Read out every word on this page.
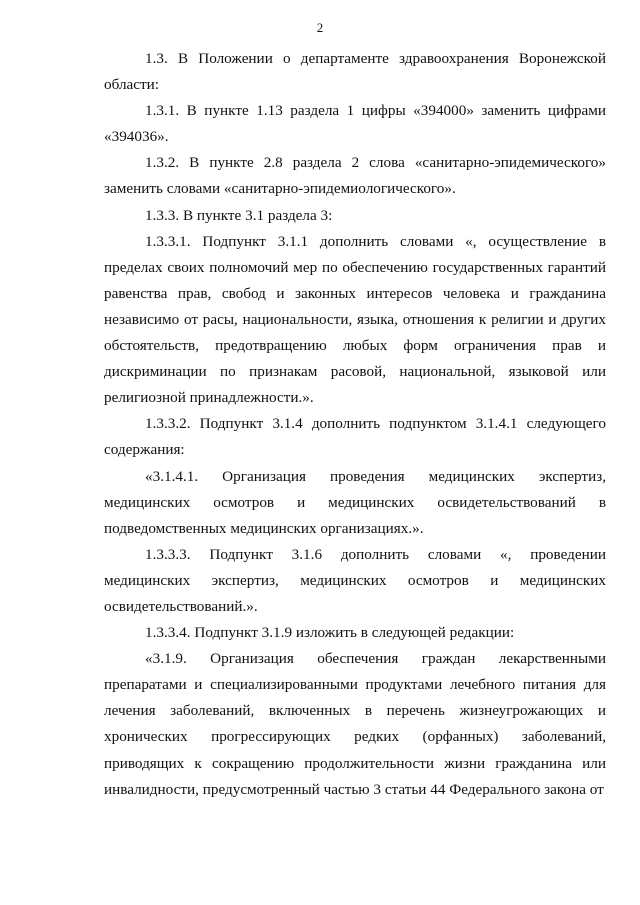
2

1.3. В Положении о департаменте здравоохранения Воронежской области:

1.3.1. В пункте 1.13 раздела 1 цифры «394000» заменить цифрами «394036».

1.3.2. В пункте 2.8 раздела 2 слова «санитарно-эпидемического» заменить словами «санитарно-эпидемиологического».

1.3.3. В пункте 3.1 раздела 3:

1.3.3.1. Подпункт 3.1.1 дополнить словами «, осуществление в пределах своих полномочий мер по обеспечению государственных гарантий равенства прав, свобод и законных интересов человека и гражданина независимо от расы, национальности, языка, отношения к религии и других обстоятельств, предотвращению любых форм ограничения прав и дискриминации по признакам расовой, национальной, языковой или религиозной принадлежности.».

1.3.3.2. Подпункт 3.1.4 дополнить подпунктом 3.1.4.1 следующего содержания:

«3.1.4.1. Организация проведения медицинских экспертиз, медицинских осмотров и медицинских освидетельствований в подведомственных медицинских организациях.».

1.3.3.3. Подпункт 3.1.6 дополнить словами «, проведении медицинских экспертиз, медицинских осмотров и медицинских освидетельствований.».

1.3.3.4. Подпункт 3.1.9 изложить в следующей редакции:

«3.1.9. Организация обеспечения граждан лекарственными препаратами и специализированными продуктами лечебного питания для лечения заболеваний, включенных в перечень жизнеугрожающих и хронических прогрессирующих редких (орфанных) заболеваний, приводящих к сокращению продолжительности жизни гражданина или инвалидности, предусмотренный частью 3 статьи 44 Федерального закона от
